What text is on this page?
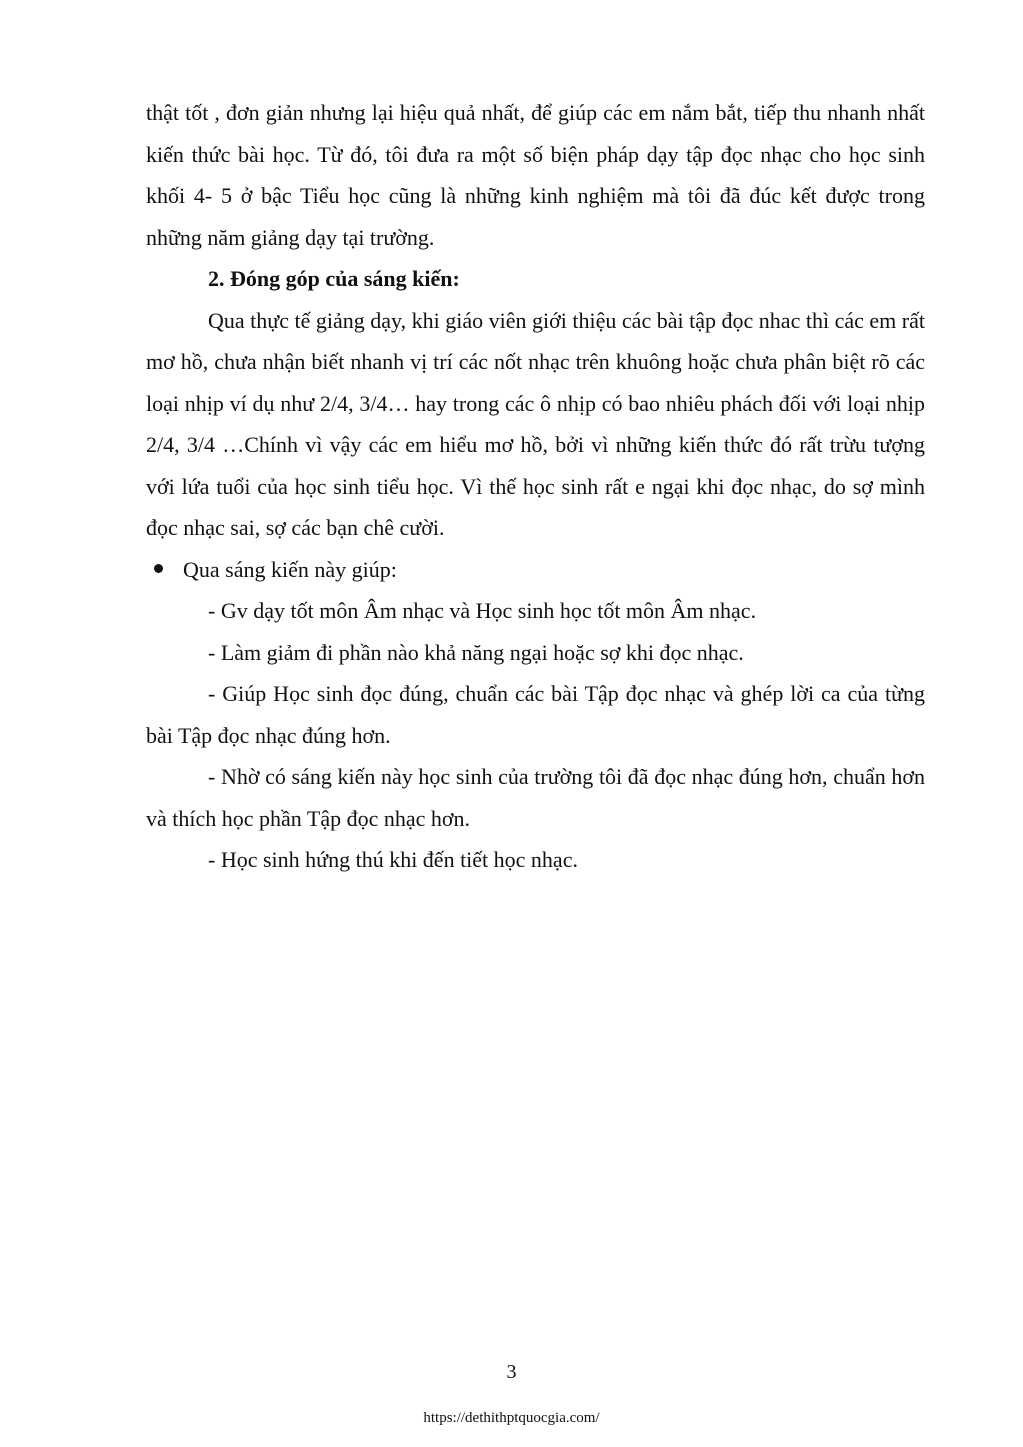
thật tốt , đơn giản nhưng lại hiệu quả nhất, để giúp các em nắm bắt, tiếp thu nhanh nhất kiến thức bài học. Từ đó, tôi đưa ra một số biện pháp dạy tập đọc nhạc cho học sinh khối 4- 5 ở bậc Tiểu học cũng là những kinh nghiệm mà tôi đã đúc kết được trong những năm giảng dạy tại trường.

2. Đóng góp của sáng kiến:

Qua thực tế giảng dạy, khi giáo viên giới thiệu các bài tập đọc nhac thì các em rất mơ hồ, chưa nhận biết nhanh vị trí các nốt nhạc trên khuông hoặc chưa phân biệt rõ các loại nhịp ví dụ như 2/4, 3/4… hay trong các ô nhịp có bao nhiêu phách đối với loại nhịp 2/4, 3/4 …Chính vì vậy các em hiểu mơ hồ, bởi vì những kiến thức đó rất trừu tượng với lứa tuổi của học sinh tiểu học. Vì thế học sinh rất e ngại khi đọc nhạc, do sợ mình đọc nhạc sai, sợ các bạn chê cười.

Qua sáng kiến này giúp:

- Gv dạy tốt môn Âm nhạc và Học sinh học tốt môn Âm nhạc.

- Làm giảm đi phần nào khả năng ngại hoặc sợ khi đọc nhạc.

- Giúp Học sinh đọc đúng, chuẩn các bài Tập đọc nhạc và ghép lời ca của từng bài Tập đọc nhạc đúng hơn.

- Nhờ có sáng kiến này học sinh của trường tôi đã đọc nhạc đúng hơn, chuẩn hơn và thích học phần Tập đọc nhạc hơn.

- Học sinh hứng thú khi đến tiết học nhạc.

3
https://dethithptquocgia.com/
